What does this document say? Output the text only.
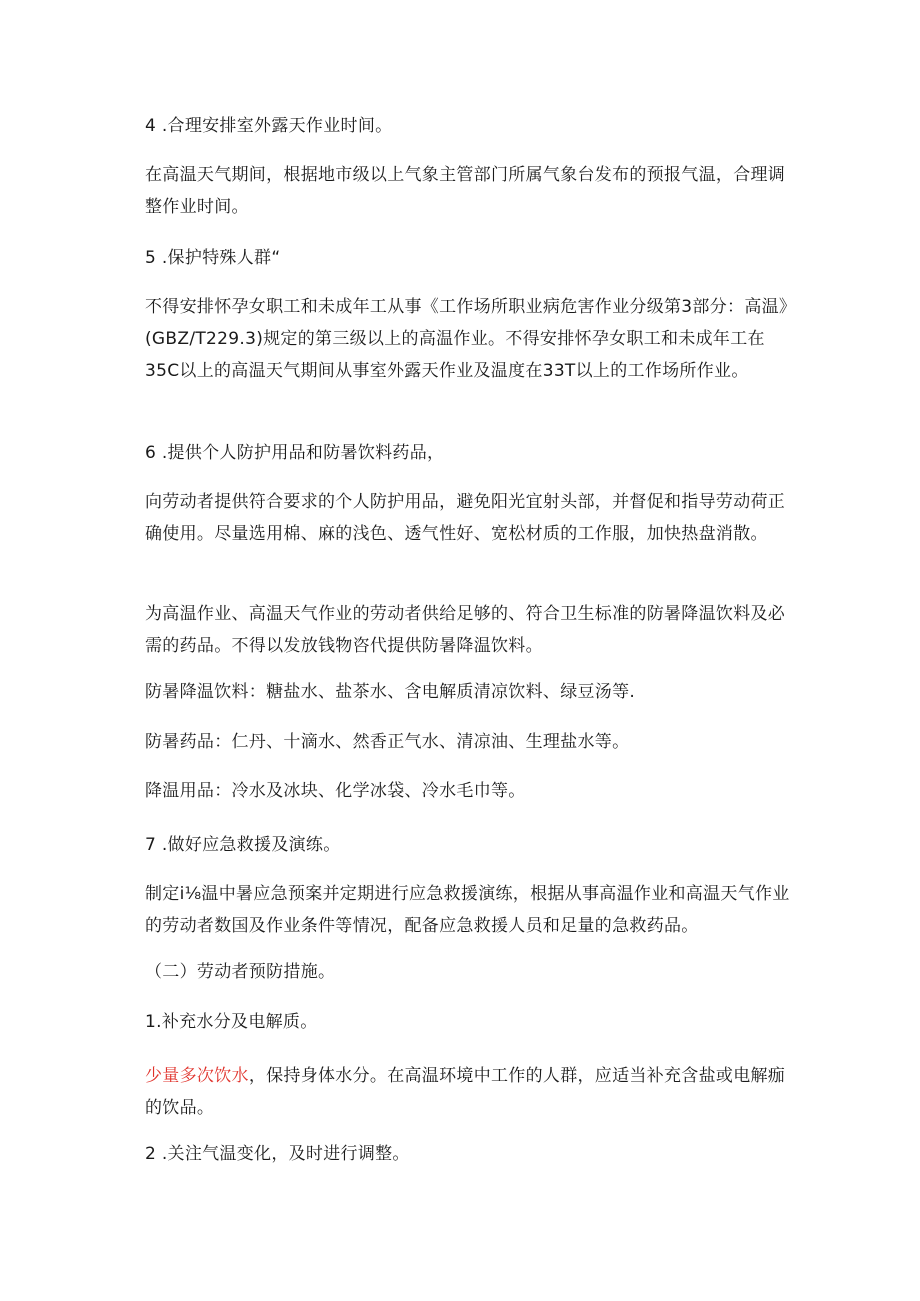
4 .合理安排室外露天作业时间。

在高温天气期间，根据地市级以上气象主管部门所属气象台发布的预报气温，合理调整作业时间。

5 .保护特殊人群“

不得安排怀孕女职工和未成年工从事《工作场所职业病危害作业分级第3部分：高温》(GBZ/T229.3)规定的第三级以上的高温作业。不得安排怀孕女职工和未成年工在35C以上的高温天气期间从事室外露天作业及温度在33T以上的工作场所作业。

6 .提供个人防护用品和防暑饮料药品，

向劳动者提供符合要求的个人防护用品，避免阳光宜射头部，并督促和指导劳动荷正确使用。尽量选用棉、麻的浅色、透气性好、宽松材质的工作服，加快热盘消散。

为高温作业、高温天气作业的劳动者供给足够的、符合卫生标准的防暑降温饮料及必需的药品。不得以发放钱物咨代提供防暑降温饮料。

防暑降温饮料：糖盐水、盐茶水、含电解质清凉饮料、绿豆汤等.

防暑药品：仁丹、十滴水、然香正气水、清凉油、生理盐水等。

降温用品：冷水及冰块、化学冰袋、冷水毛巾等。

7 .做好应急救援及演练。

制定i⅛温中暑应急预案并定期进行应急救援演练，根据从事高温作业和高温天气作业的劳动者数国及作业条件等情况，配备应急救援人员和足量的急救药品。

（二）劳动者预防措施。

1.补充水分及电解质。

少量多次饮水，保持身体水分。在高温环境中工作的人群，应适当补充含盐或电解痂的饮品。

2 .关注气温变化，及时进行调整。
